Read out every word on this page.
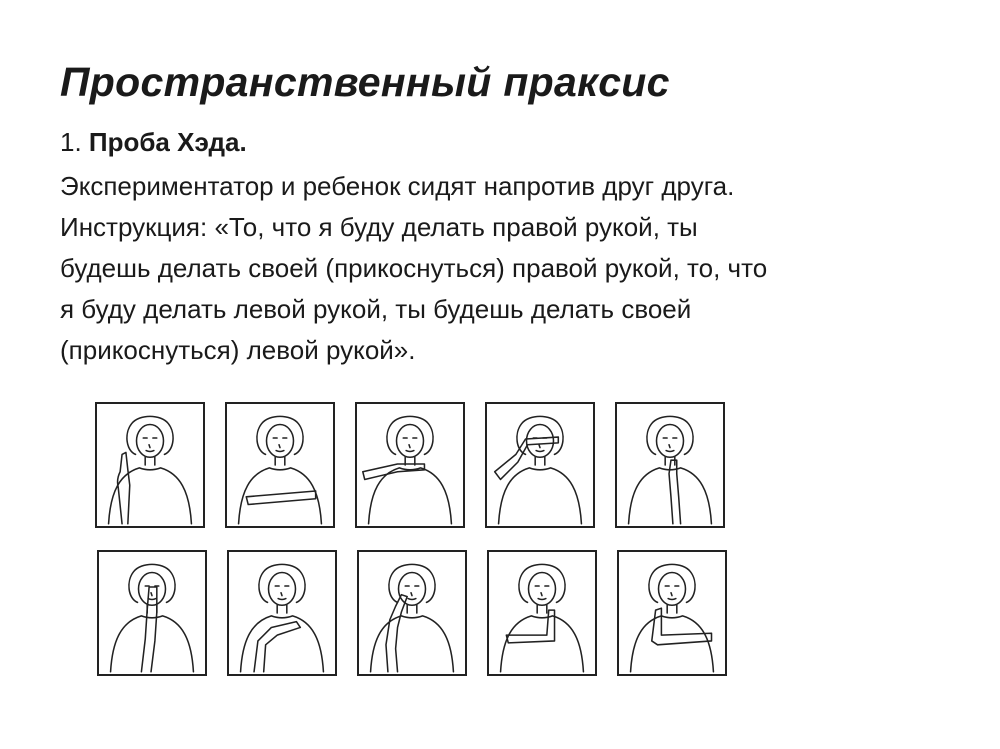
Пространственный праксис
1. Проба Хэда.

Экспериментатор и ребенок сидят напротив друг друга.

Инструкция: «То, что я буду делать правой рукой, ты

будешь делать своей (прикоснуться) правой рукой, то, что

я буду делать левой рукой, ты будешь делать своей

(прикоснуться) левой рукой».
